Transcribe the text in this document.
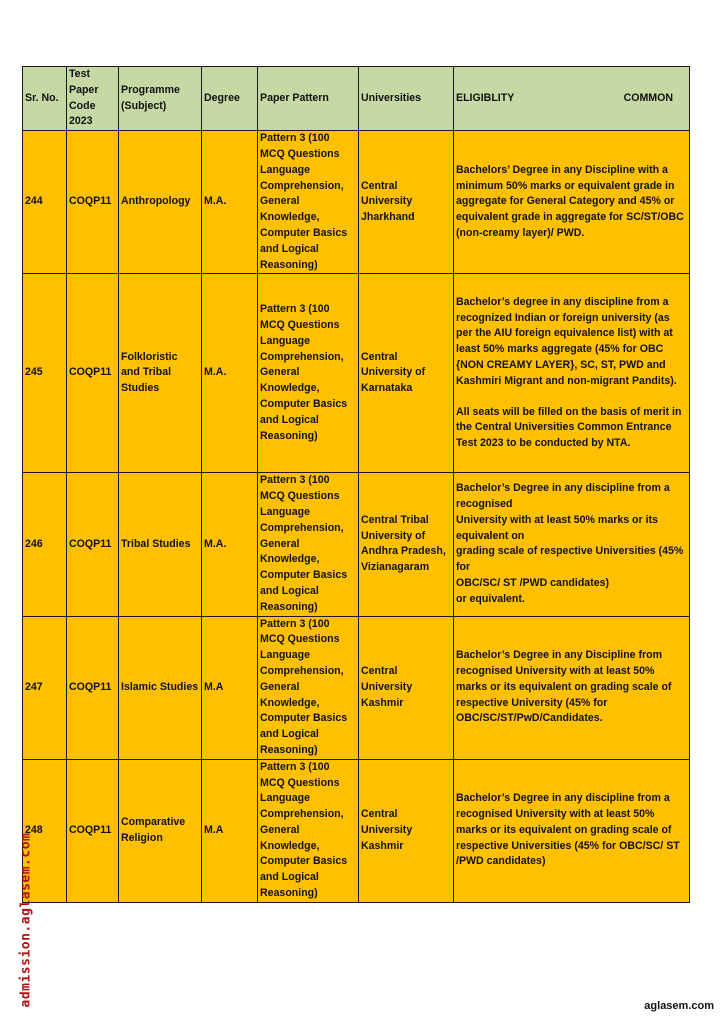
Sr. No.	Test Paper Code 2023	Programme (Subject)	Degree	Paper Pattern	Universities	ELIGIBLITY COMMON

244	COQP11	Anthropology	M.A.	Pattern 3 (100 MCQ Questions Language Comprehension, General Knowledge, Computer Basics and Logical Reasoning)	Central University Jharkhand	Bachelors’ Degree in any Discipline with a minimum 50% marks or equivalent grade in aggregate for General Category and 45% or equivalent grade in aggregate for SC/ST/OBC (non-creamy layer)/ PWD.

245	COQP11	Folkloristic and Tribal Studies	M.A.	Pattern 3 (100 MCQ Questions Language Comprehension, General Knowledge, Computer Basics and Logical Reasoning)	Central University of Karnataka	Bachelor’s degree in any discipline from a recognized Indian or foreign university (as per the AIU foreign equivalence list) with at least 50% marks aggregate (45% for OBC {NON CREAMY LAYER}, SC, ST, PWD and Kashmiri Migrant and non-migrant Pandits).

All seats will be filled on the basis of merit in the Central Universities Common Entrance Test 2023 to be conducted by NTA.

246	COQP11	Tribal Studies	M.A.	Pattern 3 (100 MCQ Questions Language Comprehension, General Knowledge, Computer Basics and Logical Reasoning)	Central Tribal University of Andhra Pradesh, Vizianagaram	Bachelor’s Degree in any discipline from a recognised

University with at least 50% marks or its equivalent on

grading scale of respective Universities (45% for

OBC/SC/ ST /PWD candidates)

or equivalent.

247	COQP11	Islamic Studies	M.A	Pattern 3 (100 MCQ Questions Language Comprehension, General Knowledge, Computer Basics and Logical Reasoning)	Central University Kashmir	Bachelor’s Degree in any Discipline from recognised University with at least 50% marks or its equivalent on grading scale of respective University (45% for OBC/SC/ST/PwD/Candidates.

248	COQP11	Comparative Religion	M.A	Pattern 3 (100 MCQ Questions Language Comprehension, General Knowledge, Computer Basics and Logical Reasoning)	Central University Kashmir	Bachelor’s Degree in any discipline from a recognised University with at least 50% marks or its equivalent on grading scale of respective Universities (45% for OBC/SC/ ST /PWD candidates)

admission.aglasem.com	aglasem.com
